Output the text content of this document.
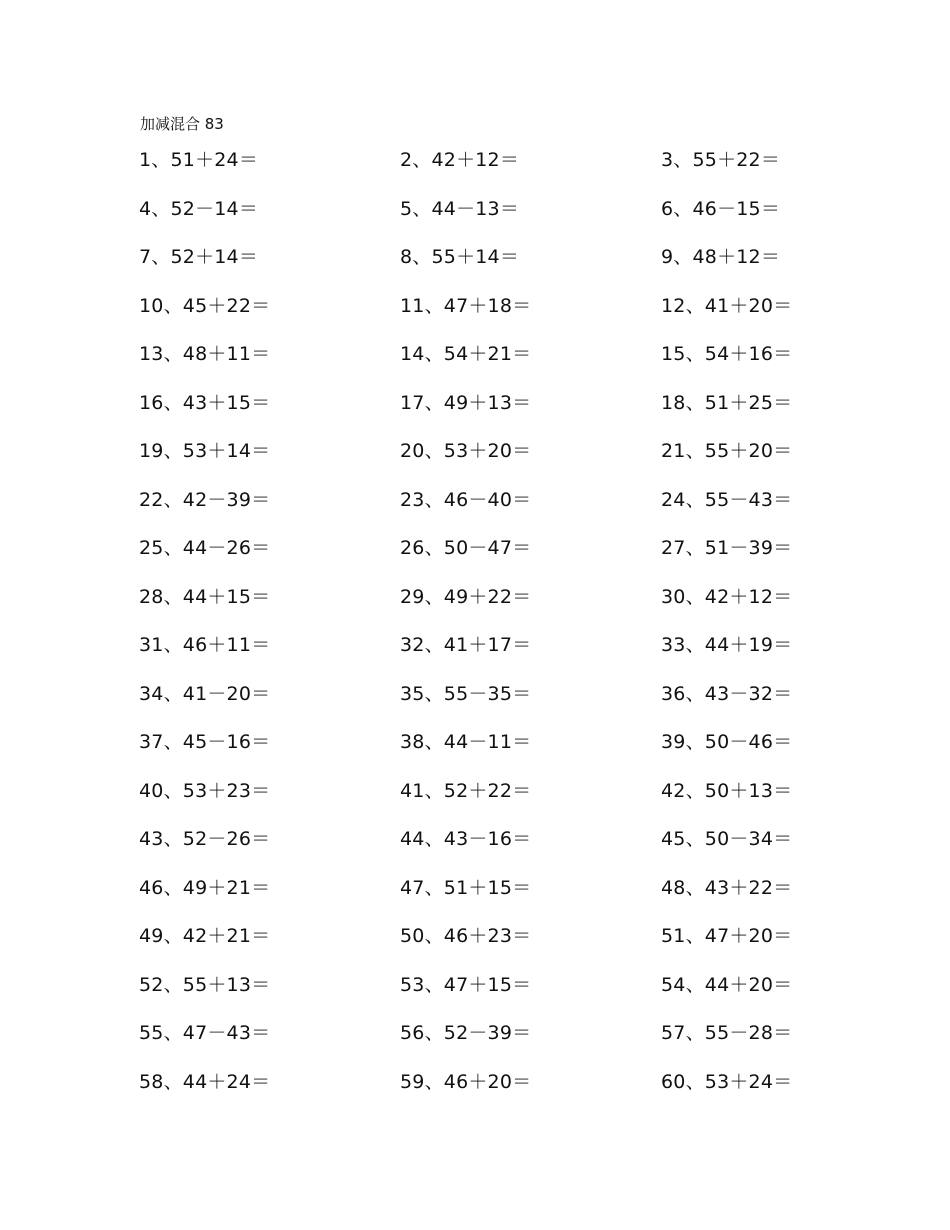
加减混合 83
1、51＋24＝	2、42＋12＝	3、55＋22＝
4、52－14＝	5、44－13＝	6、46－15＝
7、52＋14＝	8、55＋14＝	9、48＋12＝
10、45＋22＝	11、47＋18＝	12、41＋20＝
13、48＋11＝	14、54＋21＝	15、54＋16＝
16、43＋15＝	17、49＋13＝	18、51＋25＝
19、53＋14＝	20、53＋20＝	21、55＋20＝
22、42－39＝	23、46－40＝	24、55－43＝
25、44－26＝	26、50－47＝	27、51－39＝
28、44＋15＝	29、49＋22＝	30、42＋12＝
31、46＋11＝	32、41＋17＝	33、44＋19＝
34、41－20＝	35、55－35＝	36、43－32＝
37、45－16＝	38、44－11＝	39、50－46＝
40、53＋23＝	41、52＋22＝	42、50＋13＝
43、52－26＝	44、43－16＝	45、50－34＝
46、49＋21＝	47、51＋15＝	48、43＋22＝
49、42＋21＝	50、46＋23＝	51、47＋20＝
52、55＋13＝	53、47＋15＝	54、44＋20＝
55、47－43＝	56、52－39＝	57、55－28＝
58、44＋24＝	59、46＋20＝	60、53＋24＝
